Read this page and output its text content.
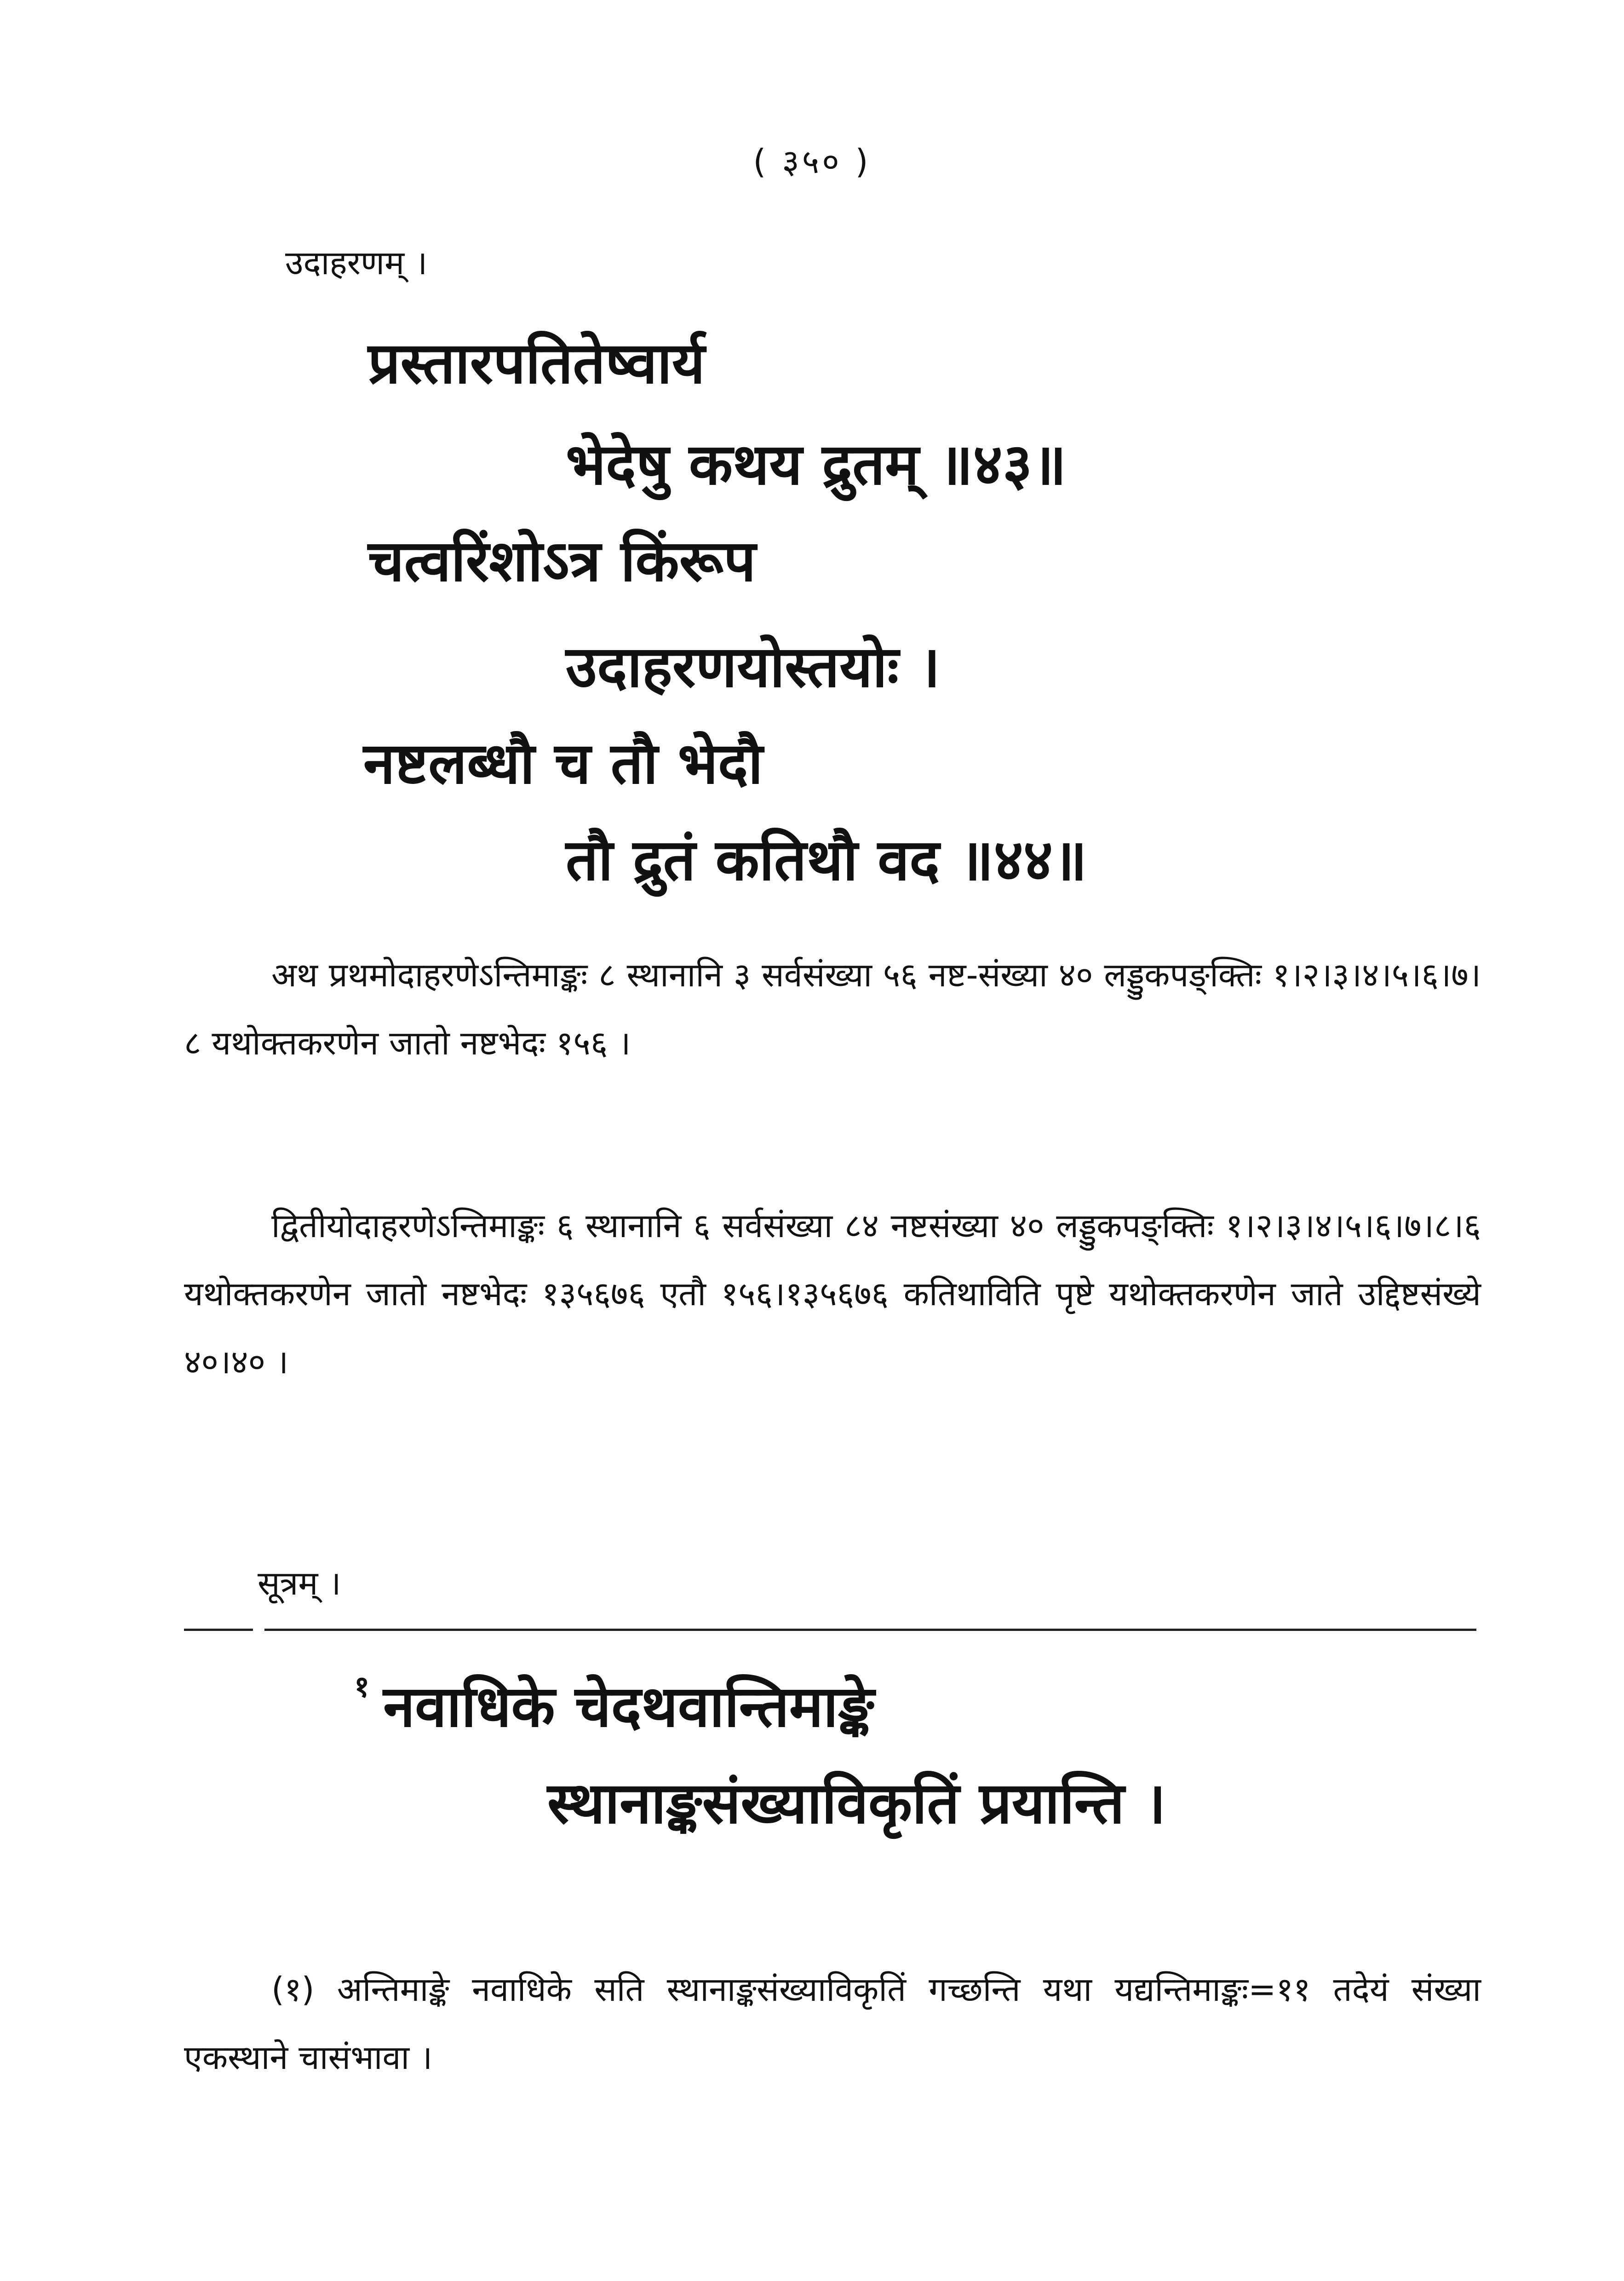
( ३५० )
उदाहरणम् ।
प्रस्तारपतितेष्वार्य
भेदेषु कथय द्रुतम् ॥४३॥
चत्वरिंशोऽत्र किंरूप
उदाहरणयोस्तयोः ।
नष्टलब्धौ च तौ भेदौ
तौ द्रुतं कतिथौ वद ॥४४॥

अथ प्रथमोदाहरणेऽन्तिमाङ्कः ८ स्थानानि ३ सर्वसंख्या ५६ नष्ट-संख्या ४० लड्डुकपङ्क्तिः १।२।३।४।५।६।७।८ यथोक्तकरणेन जातो नष्टभेदः १५६ ।

द्वितीयोदाहरणेऽन्तिमाङ्कः ६ स्थानानि ६ सर्वसंख्या ८४ नष्टसंख्या ४० लड्डुकपङ्क्तिः १।२।३।४।५।६।७।८।६ यथोक्तकरणेन जातो नष्टभेदः १३५६७६ एतौ १५६।१३५६७६ कतिथाविति पृष्टे यथोक्तकरणेन जाते उद्दिष्टसंख्ये ४०।४० ।

सूत्रम् ।
$^१$ नवाधिके चेदथवान्तिमाङ्के
स्थानाङ्कसंख्याविकृतिं प्रयान्ति ।

(१) अन्तिमाङ्के नवाधिके सति स्थानाङ्कसंख्याविकृतिं गच्छन्ति यथा यद्यन्तिमाङ्कः=११ तदेयं संख्या एकस्थाने चासंभावा ।
